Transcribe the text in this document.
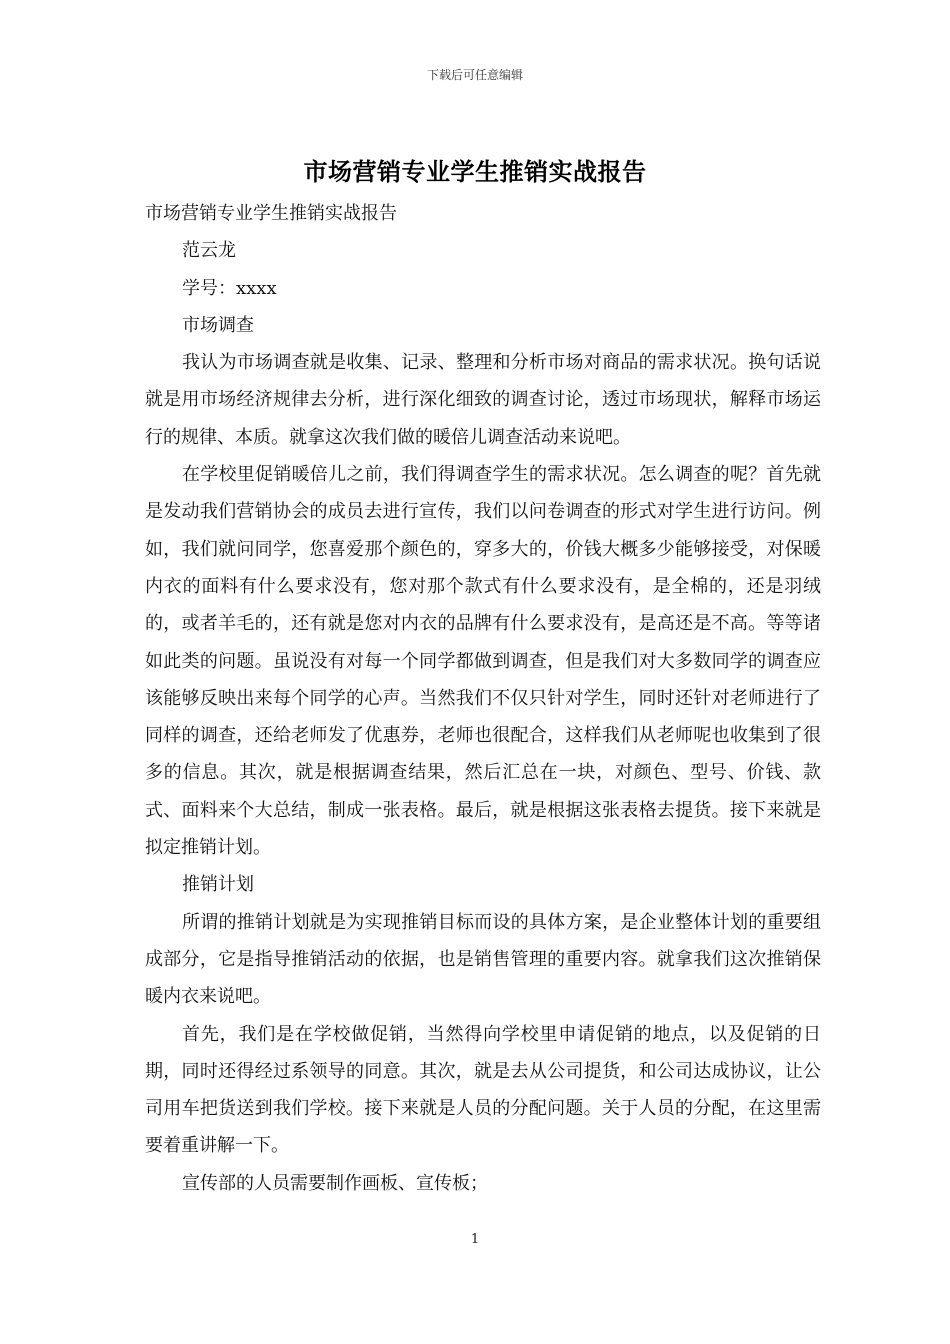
下载后可任意编辑
市场营销专业学生推销实战报告

市场营销专业学生推销实战报告

范云龙

学号：xxxx

市场调查

我认为市场调查就是收集、记录、整理和分析市场对商品的需求状况。换句话说就是用市场经济规律去分析，进行深化细致的调查讨论，透过市场现状，解释市场运行的规律、本质。就拿这次我们做的暖倍儿调查活动来说吧。

在学校里促销暖倍儿之前，我们得调查学生的需求状况。怎么调查的呢？首先就是发动我们营销协会的成员去进行宣传，我们以问卷调查的形式对学生进行访问。例如，我们就问同学，您喜爱那个颜色的，穿多大的，价钱大概多少能够接受，对保暖内衣的面料有什么要求没有，您对那个款式有什么要求没有，是全棉的，还是羽绒的，或者羊毛的，还有就是您对内衣的品牌有什么要求没有，是高还是不高。等等诸如此类的问题。虽说没有对每一个同学都做到调查，但是我们对大多数同学的调查应该能够反映出来每个同学的心声。当然我们不仅只针对学生，同时还针对老师进行了同样的调查，还给老师发了优惠券，老师也很配合，这样我们从老师呢也收集到了很多的信息。其次，就是根据调查结果，然后汇总在一块，对颜色、型号、价钱、款式、面料来个大总结，制成一张表格。最后，就是根据这张表格去提货。接下来就是拟定推销计划。

推销计划

所谓的推销计划就是为实现推销目标而设的具体方案，是企业整体计划的重要组成部分，它是指导推销活动的依据，也是销售管理的重要内容。就拿我们这次推销保暖内衣来说吧。

首先，我们是在学校做促销，当然得向学校里申请促销的地点，以及促销的日期，同时还得经过系领导的同意。其次，就是去从公司提货，和公司达成协议，让公司用车把货送到我们学校。接下来就是人员的分配问题。关于人员的分配，在这里需要着重讲解一下。

宣传部的人员需要制作画板、宣传板；

1
